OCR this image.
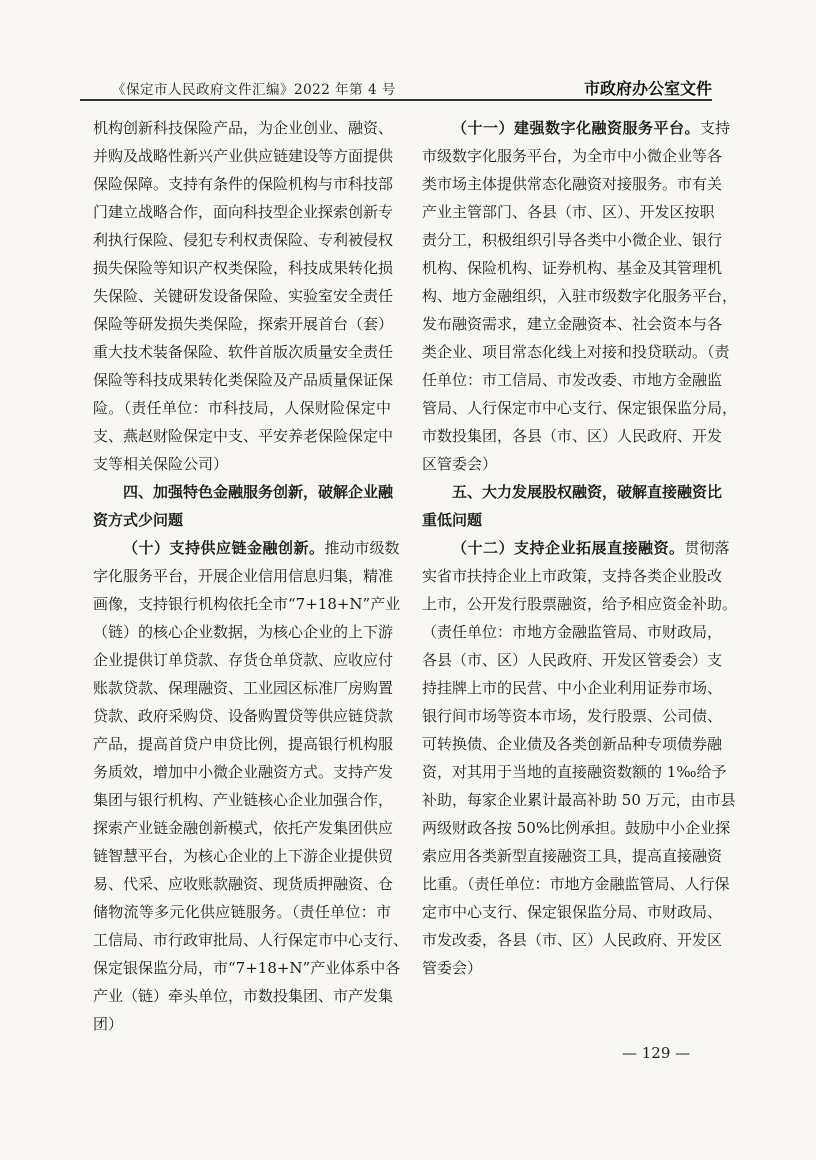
《保定市人民政府文件汇编》2022 年第 4 号	市政府办公室文件
机构创新科技保险产品，为企业创业、融资、
并购及战略性新兴产业供应链建设等方面提供
保险保障。支持有条件的保险机构与市科技部
门建立战略合作，面向科技型企业探索创新专
利执行保险、侵犯专利权责保险、专利被侵权
损失保险等知识产权类保险，科技成果转化损
失保险、关键研发设备保险、实验室安全责任
保险等研发损失类保险，探索开展首台（套）
重大技术装备保险、软件首版次质量安全责任
保险等科技成果转化类保险及产品质量保证保
险。（责任单位：市科技局，人保财险保定中
支、燕赵财险保定中支、平安养老保险保定中
支等相关保险公司）
四、加强特色金融服务创新，破解企业融
资方式少问题
（十）支持供应链金融创新。推动市级数
字化服务平台，开展企业信用信息归集，精准
画像，支持银行机构依托全市“7+18+N”产业
（链）的核心企业数据，为核心企业的上下游
企业提供订单贷款、存货仓单贷款、应收应付
账款贷款、保理融资、工业园区标准厂房购置
贷款、政府采购贷、设备购置贷等供应链贷款
产品，提高首贷户申贷比例，提高银行机构服
务质效，增加中小微企业融资方式。支持产发
集团与银行机构、产业链核心企业加强合作，
探索产业链金融创新模式，依托产发集团供应
链智慧平台，为核心企业的上下游企业提供贸
易、代采、应收账款融资、现货质押融资、仓
储物流等多元化供应链服务。（责任单位：市
工信局、市行政审批局、人行保定市中心支行、
保定银保监分局，市“7+18+N”产业体系中各
产业（链）牵头单位，市数投集团、市产发集
团）
（十一）建强数字化融资服务平台。支持
市级数字化服务平台，为全市中小微企业等各
类市场主体提供常态化融资对接服务。市有关
产业主管部门、各县（市、区）、开发区按职
责分工，积极组织引导各类中小微企业、银行
机构、保险机构、证券机构、基金及其管理机
构、地方金融组织，入驻市级数字化服务平台，
发布融资需求，建立金融资本、社会资本与各
类企业、项目常态化线上对接和投贷联动。（责
任单位：市工信局、市发改委、市地方金融监
管局、人行保定市中心支行、保定银保监分局，
市数投集团，各县（市、区）人民政府、开发
区管委会）
五、大力发展股权融资，破解直接融资比
重低问题
（十二）支持企业拓展直接融资。贯彻落
实省市扶持企业上市政策，支持各类企业股改
上市，公开发行股票融资，给予相应资金补助。
（责任单位：市地方金融监管局、市财政局，
各县（市、区）人民政府、开发区管委会）支
持挂牌上市的民营、中小企业利用证券市场、
银行间市场等资本市场，发行股票、公司债、
可转换债、企业债及各类创新品种专项债券融
资，对其用于当地的直接融资数额的 1‰给予
补助，每家企业累计最高补助 50 万元，由市县
两级财政各按 50%比例承担。鼓励中小企业探
索应用各类新型直接融资工具，提高直接融资
比重。（责任单位：市地方金融监管局、人行保
定市中心支行、保定银保监分局、市财政局、
市发改委，各县（市、区）人民政府、开发区
管委会）
— 129 —
